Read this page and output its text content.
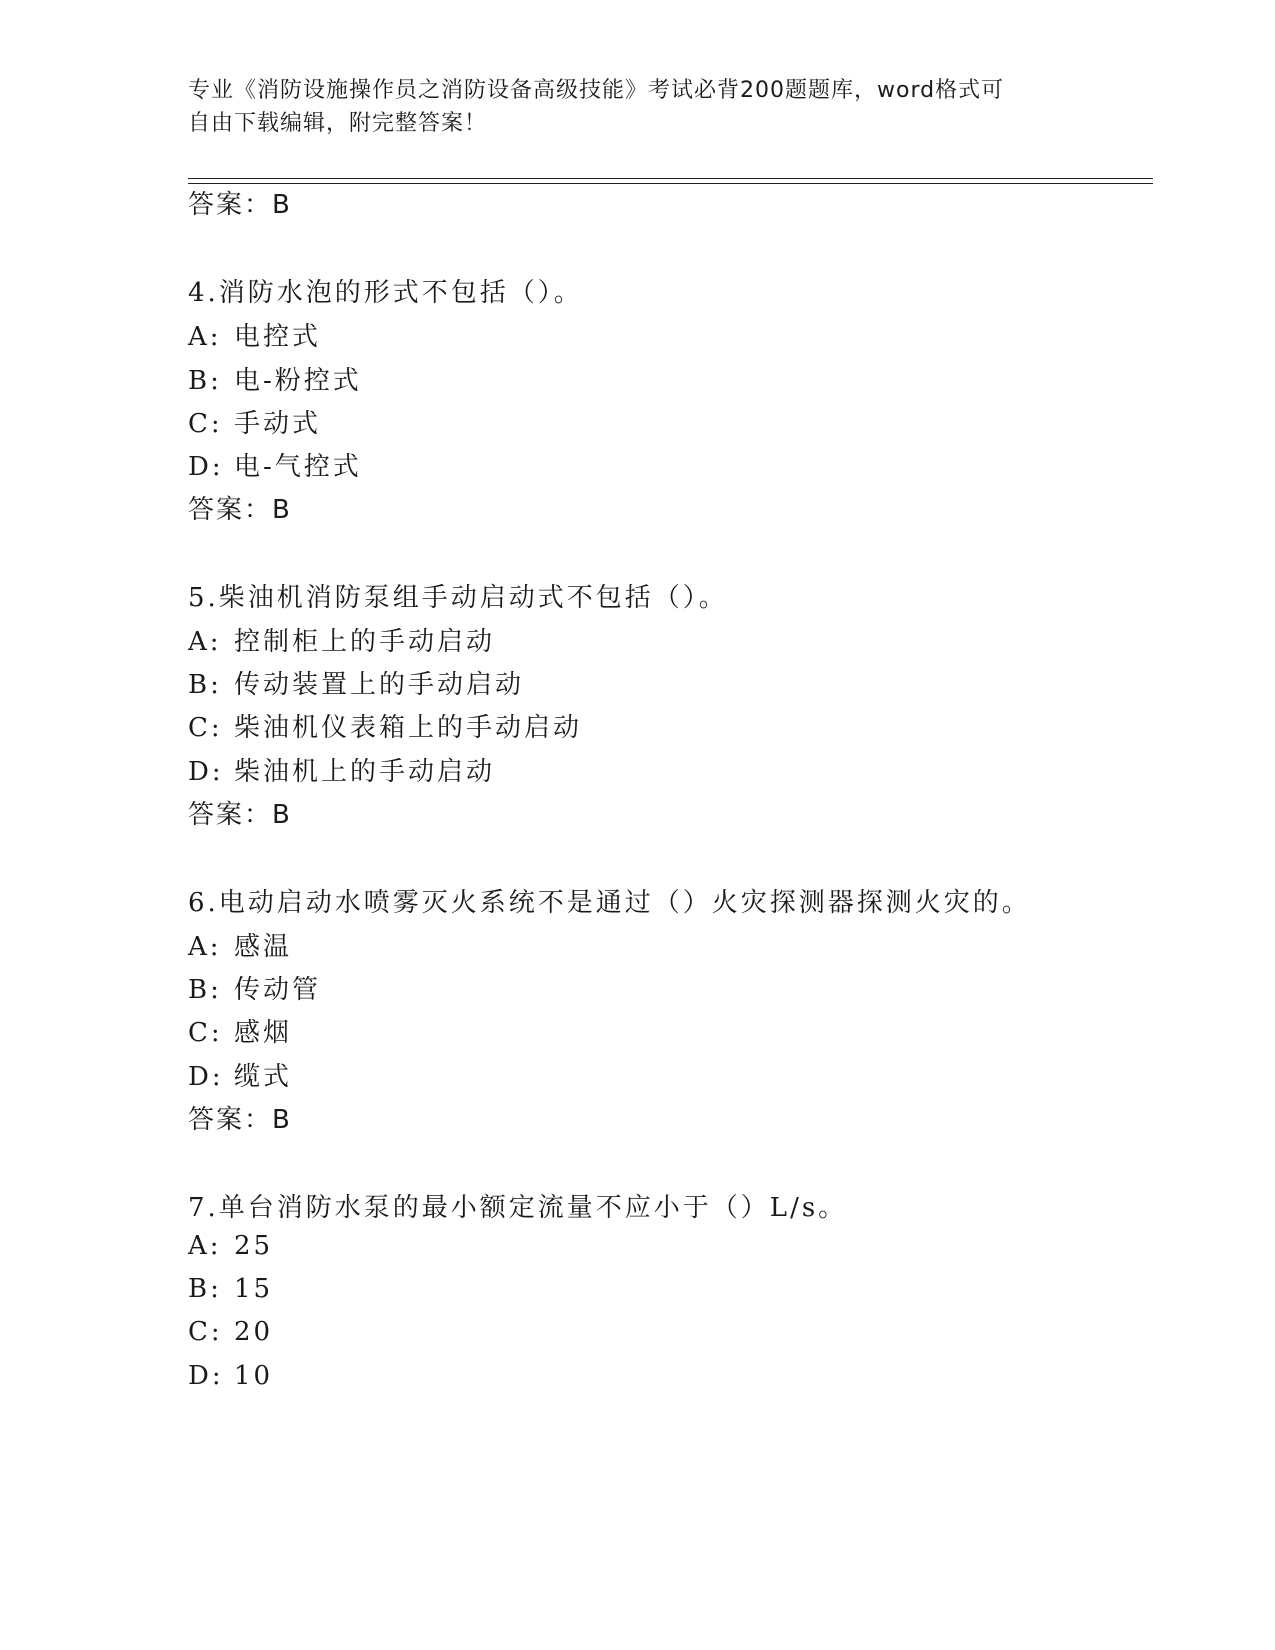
专业《消防设施操作员之消防设备高级技能》考试必背200题题库，word格式可
自由下载编辑，附完整答案！
答案：B
4.消防水泡的形式不包括（）。
A: 电控式
B: 电-粉控式
C: 手动式
D: 电-气控式
答案：B
5.柴油机消防泵组手动启动式不包括（）。
A: 控制柜上的手动启动
B: 传动装置上的手动启动
C: 柴油机仪表箱上的手动启动
D: 柴油机上的手动启动
答案：B
6.电动启动水喷雾灭火系统不是通过（）火灾探测器探测火灾的。
A: 感温
B: 传动管
C: 感烟
D: 缆式
答案：B
7.单台消防水泵的最小额定流量不应小于（）L/s。
A: 25
B: 15
C: 20
D: 10
